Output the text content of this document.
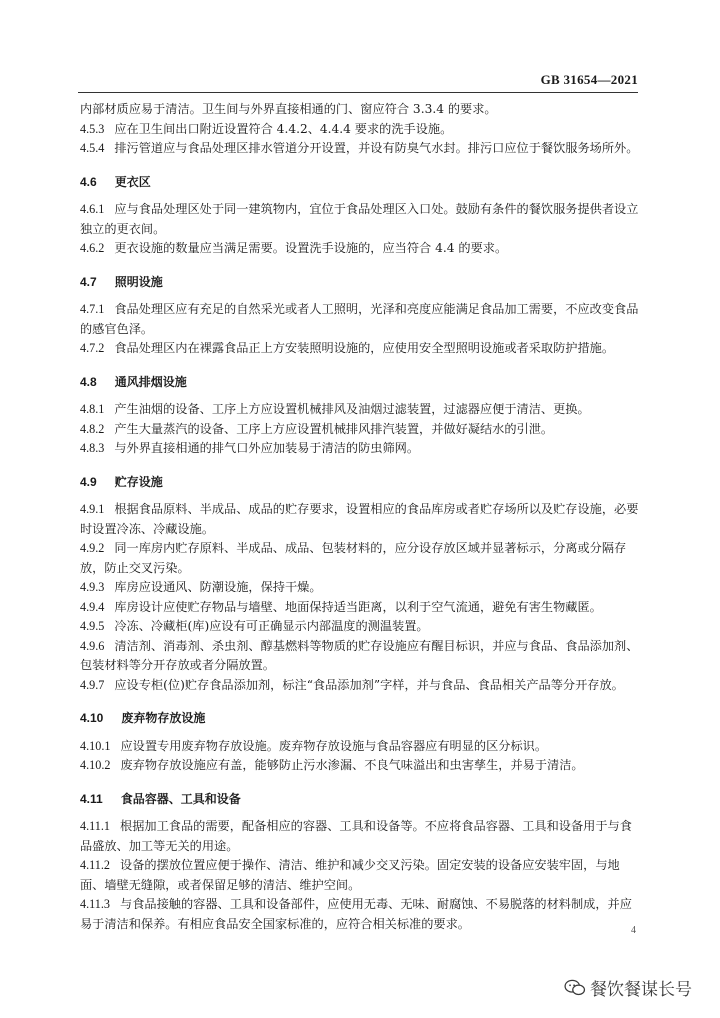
GB 31654—2021
内部材质应易于清洁。卫生间与外界直接相通的门、窗应符合 3.3.4 的要求。
4.5.3 应在卫生间出口附近设置符合 4.4.2、4.4.4 要求的洗手设施。
4.5.4 排污管道应与食品处理区排水管道分开设置，并设有防臭气水封。排污口应位于餐饮服务场所外。
4.6 更衣区
4.6.1 应与食品处理区处于同一建筑物内，宜位于食品处理区入口处。鼓励有条件的餐饮服务提供者设立独立的更衣间。
4.6.2 更衣设施的数量应当满足需要。设置洗手设施的，应当符合 4.4 的要求。
4.7 照明设施
4.7.1 食品处理区应有充足的自然采光或者人工照明，光泽和亮度应能满足食品加工需要，不应改变食品的感官色泽。
4.7.2 食品处理区内在裸露食品正上方安装照明设施的，应使用安全型照明设施或者采取防护措施。
4.8 通风排烟设施
4.8.1 产生油烟的设备、工序上方应设置机械排风及油烟过滤装置，过滤器应便于清洁、更换。
4.8.2 产生大量蒸汽的设备、工序上方应设置机械排风排汽装置，并做好凝结水的引泄。
4.8.3 与外界直接相通的排气口外应加装易于清洁的防虫筛网。
4.9 贮存设施
4.9.1 根据食品原料、半成品、成品的贮存要求，设置相应的食品库房或者贮存场所以及贮存设施，必要时设置冷冻、冷藏设施。
4.9.2 同一库房内贮存原料、半成品、成品、包装材料的，应分设存放区域并显著标示，分离或分隔存放，防止交叉污染。
4.9.3 库房应设通风、防潮设施，保持干燥。
4.9.4 库房设计应使贮存物品与墙壁、地面保持适当距离，以利于空气流通，避免有害生物藏匿。
4.9.5 冷冻、冷藏柜(库)应设有可正确显示内部温度的测温装置。
4.9.6 清洁剂、消毒剂、杀虫剂、醇基燃料等物质的贮存设施应有醒目标识，并应与食品、食品添加剂、包装材料等分开存放或者分隔放置。
4.9.7 应设专柜(位)贮存食品添加剂，标注“食品添加剂”字样，并与食品、食品相关产品等分开存放。
4.10 废弃物存放设施
4.10.1 应设置专用废弃物存放设施。废弃物存放设施与食品容器应有明显的区分标识。
4.10.2 废弃物存放设施应有盖，能够防止污水渗漏、不良气味溢出和虫害孳生，并易于清洁。
4.11 食品容器、工具和设备
4.11.1 根据加工食品的需要，配备相应的容器、工具和设备等。不应将食品容器、工具和设备用于与食品盛放、加工等无关的用途。
4.11.2 设备的摆放位置应便于操作、清洁、维护和减少交叉污染。固定安装的设备应安装牢固，与地面、墙壁无缝隙，或者保留足够的清洁、维护空间。
4.11.3 与食品接触的容器、工具和设备部件，应使用无毒、无味、耐腐蚀、不易脱落的材料制成，并应易于清洁和保养。有相应食品安全国家标准的，应符合相关标准的要求。	4
餐饮餐谋长号
